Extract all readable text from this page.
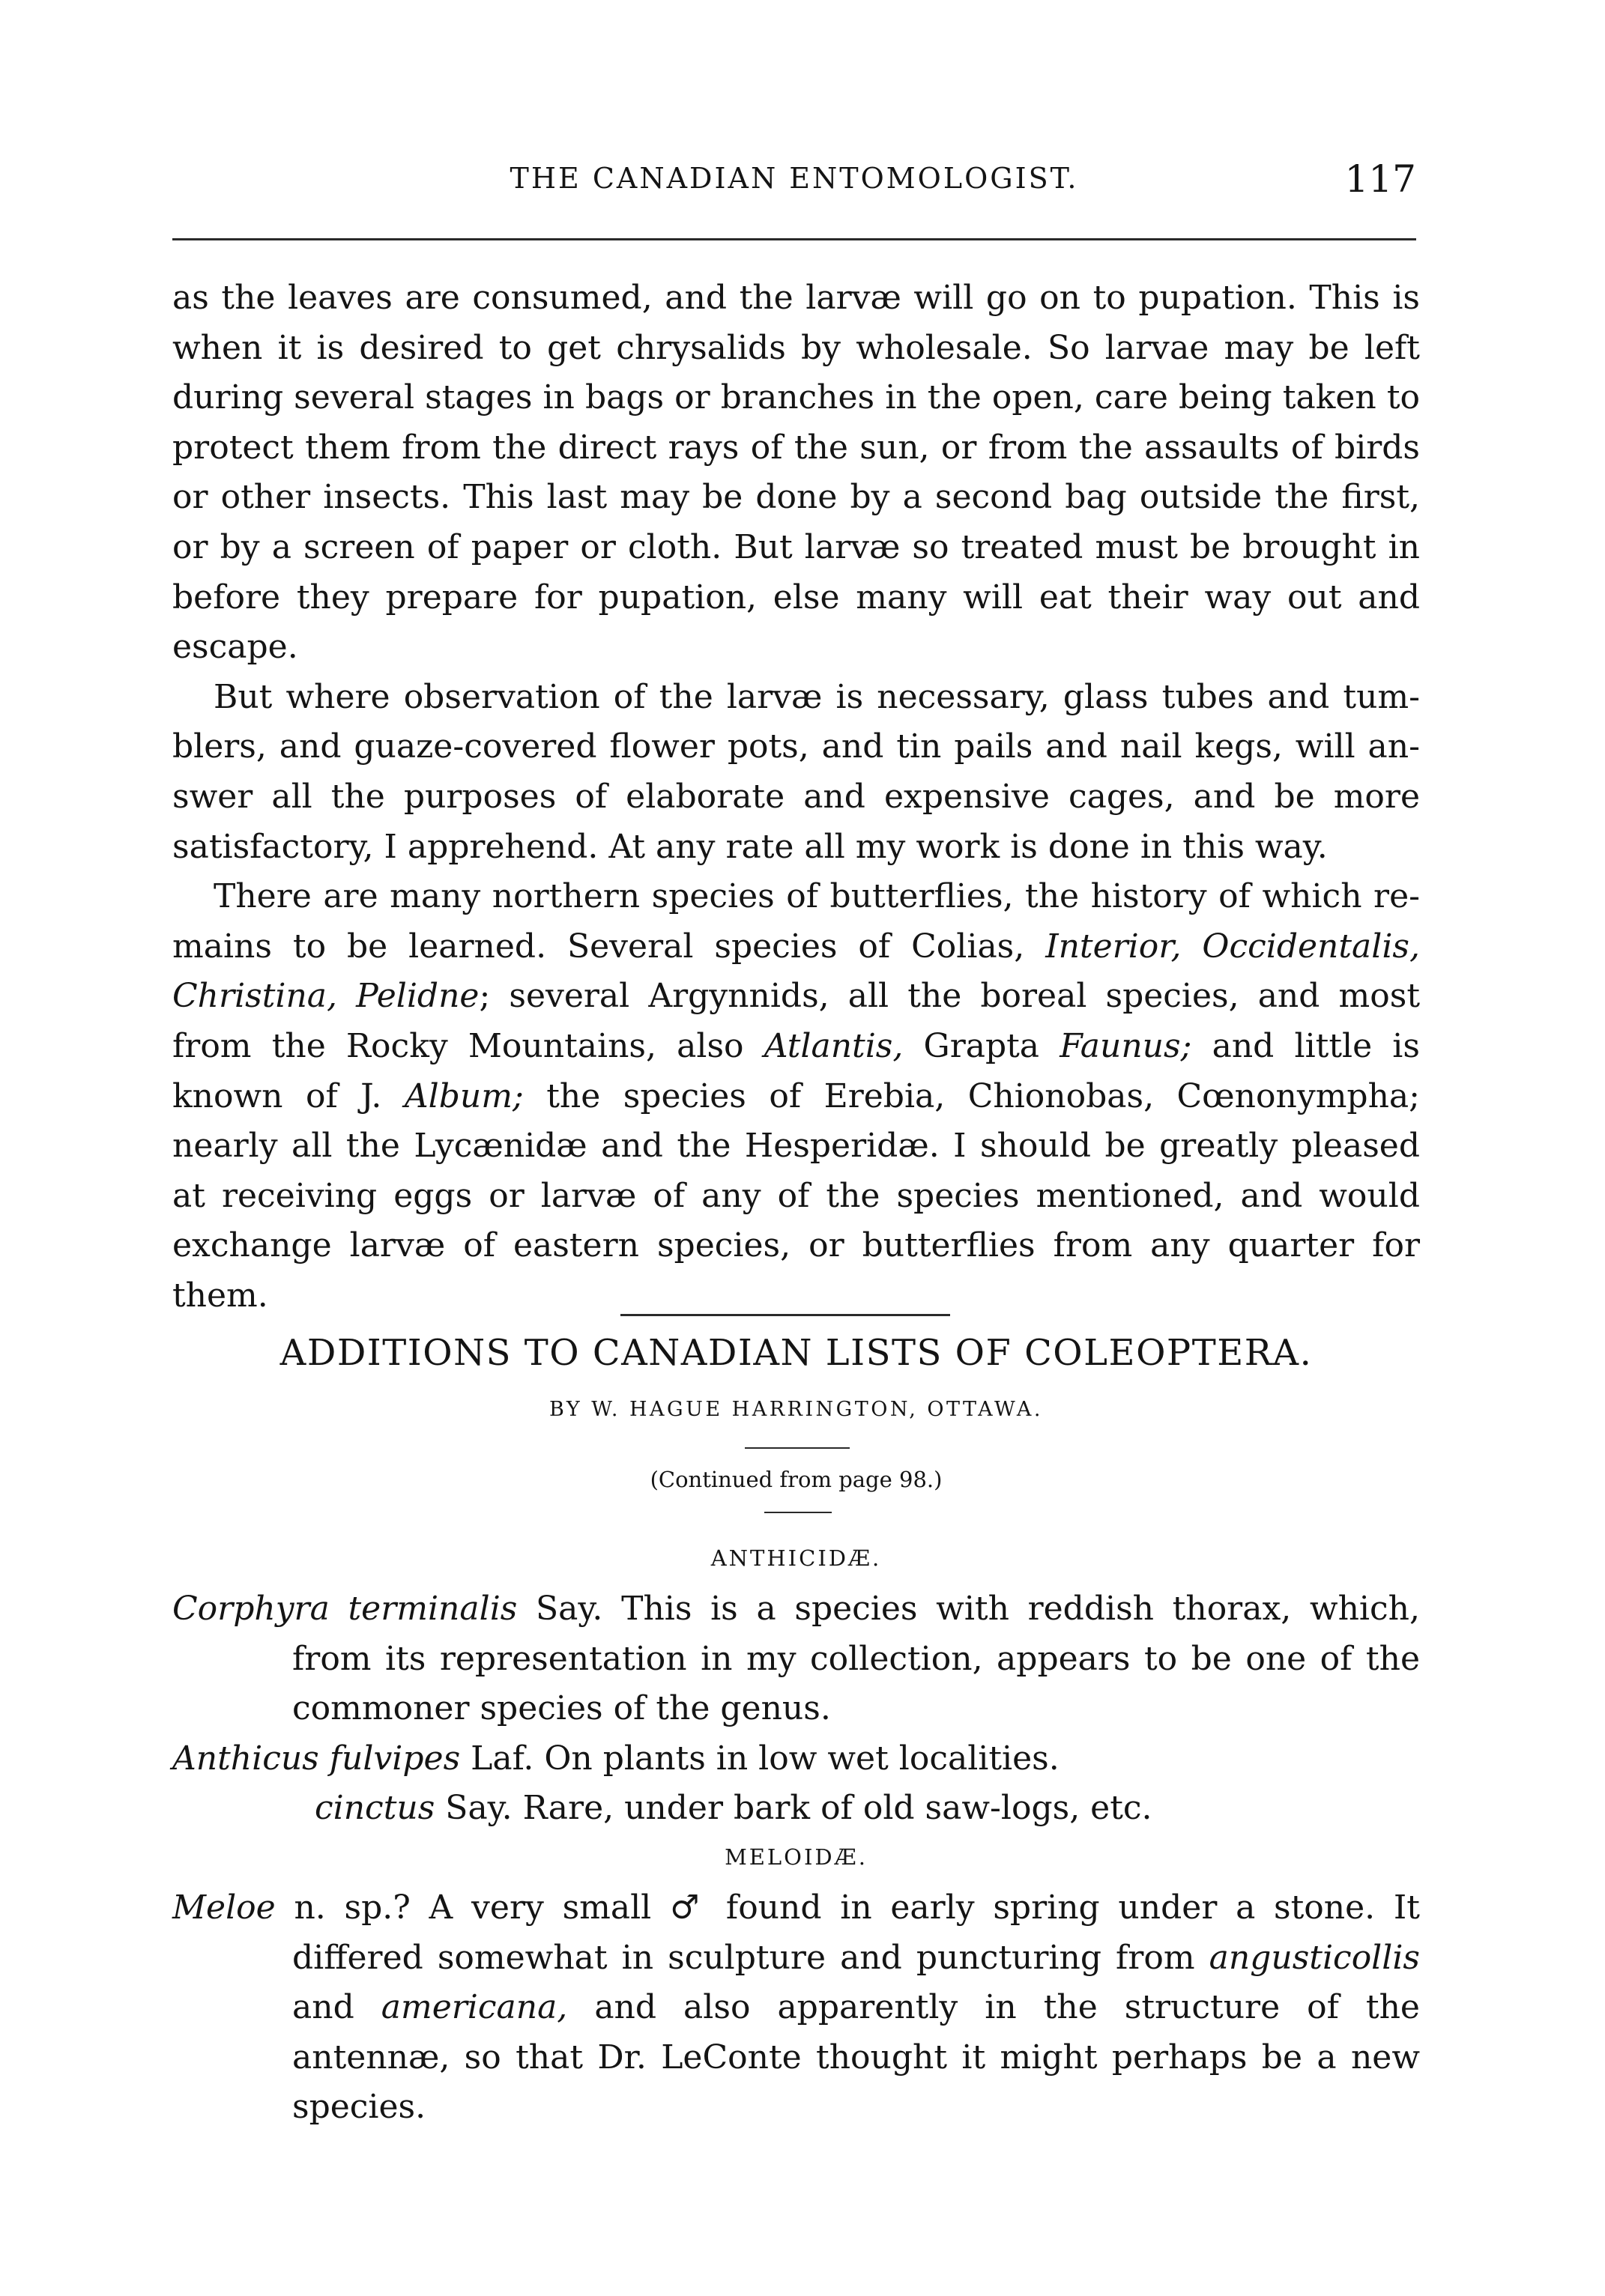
THE CANADIAN ENTOMOLOGIST.	117

as the leaves are consumed, and the larvæ will go on to pupation. This is when it is desired to get chrysalids by wholesale. So larvae may be left during several stages in bags or branches in the open, care being taken to protect them from the direct rays of the sun, or from the assaults of birds or other insects. This last may be done by a second bag outside the first, or by a screen of paper or cloth. But larvæ so treated must be brought in before they prepare for pupation, else many will eat their way out and escape.

But where observation of the larvæ is necessary, glass tubes and tumblers, and guaze-covered flower pots, and tin pails and nail kegs, will answer all the purposes of elaborate and expensive cages, and be more satisfactory, I apprehend. At any rate all my work is done in this way.

There are many northern species of butterflies, the history of which remains to be learned. Several species of Colias, Interior, Occidentalis, Christina, Pelidne; several Argynnids, all the boreal species, and most from the Rocky Mountains, also Atlantis, Grapta Faunus; and little is known of J. Album; the species of Erebia, Chionobas, Cœnonympha; nearly all the Lycænidæ and the Hesperidæ. I should be greatly pleased at receiving eggs or larvæ of any of the species mentioned, and would exchange larvæ of eastern species, or butterflies from any quarter for them.

ADDITIONS TO CANADIAN LISTS OF COLEOPTERA.
BY W. HAGUE HARRINGTON, OTTAWA.
(Continued from page 98.)
ANTHICIDÆ.

Corphyra terminalis Say. This is a species with reddish thorax, which, from its representation in my collection, appears to be one of the commoner species of the genus.

Anthicus fulvipes Laf. On plants in low wet localities.

cinctus Say. Rare, under bark of old saw-logs, etc.

MELOIDÆ.

Meloe n. sp.? A very small ♂ found in early spring under a stone. It differed somewhat in sculpture and puncturing from angusticollis and americana, and also apparently in the structure of the antennæ, so that Dr. LeConte thought it might perhaps be a new species.
